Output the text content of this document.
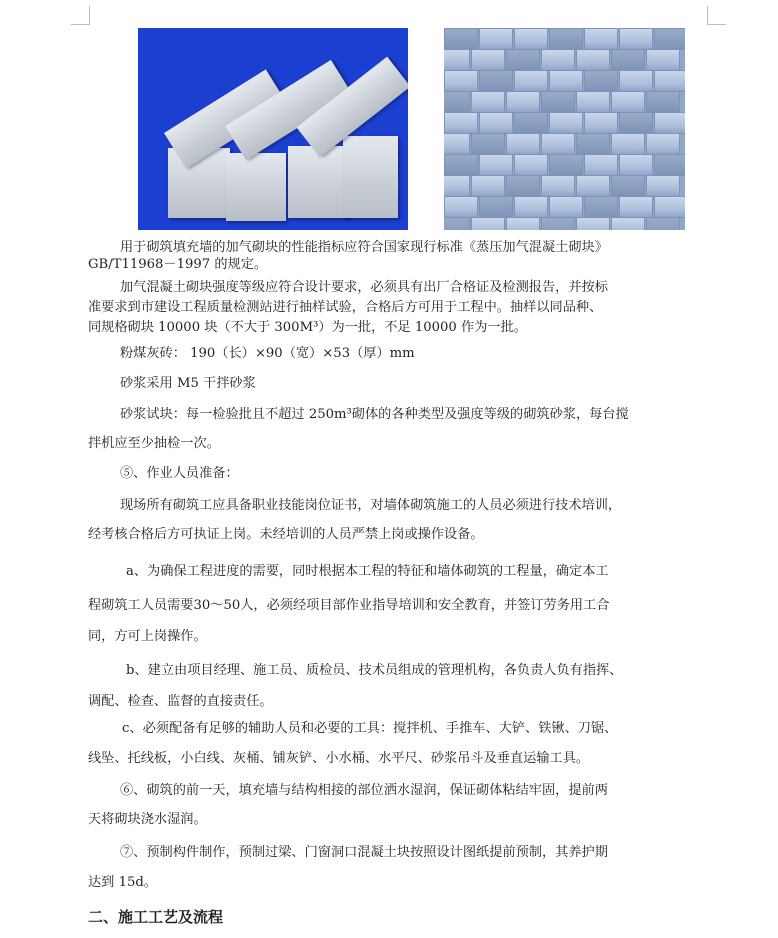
用于砌筑填充墙的加气砌块的性能指标应符合国家现行标准《蒸压加气混凝土砌块》
GB/T11968－1997 的规定。
加气混凝土砌块强度等级应符合设计要求，必须具有出厂合格证及检测报告，并按标
准要求到市建设工程质量检测站进行抽样试验，合格后方可用于工程中。抽样以同品种、
同规格砌块 10000 块（不大于 300M³）为一批，不足 10000 作为一批。
粉煤灰砖： 190（长）×90（宽）×53（厚）mm
砂浆采用 M5 干拌砂浆
砂浆试块：每一检验批且不超过 250m³砌体的各种类型及强度等级的砌筑砂浆，每台搅
拌机应至少抽检一次。
⑤、作业人员准备：
现场所有砌筑工应具备职业技能岗位证书，对墙体砌筑施工的人员必须进行技术培训，
经考核合格后方可执证上岗。未经培训的人员严禁上岗或操作设备。
a、为确保工程进度的需要，同时根据本工程的特征和墙体砌筑的工程量，确定本工
程砌筑工人员需要30～50人，必须经项目部作业指导培训和安全教育，并签订劳务用工合
同，方可上岗操作。
b、建立由项目经理、施工员、质检员、技术员组成的管理机构，各负责人负有指挥、
调配、检查、监督的直接责任。
c、必须配备有足够的辅助人员和必要的工具：搅拌机、手推车、大铲、铁锹、刀锯、
线坠、托线板，小白线、灰桶、铺灰铲、小水桶、水平尺、砂浆吊斗及垂直运输工具。
⑥、砌筑的前一天，填充墙与结构相接的部位洒水湿润，保证砌体粘结牢固，提前两
天将砌块浇水湿润。
⑦、预制构件制作，预制过梁、门窗洞口混凝土块按照设计图纸提前预制，其养护期
达到 15d。
二、施工工艺及流程
